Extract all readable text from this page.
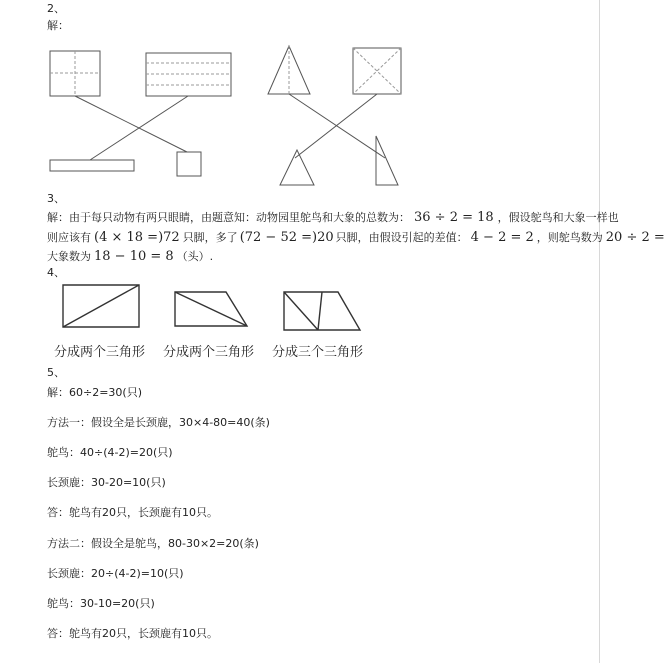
2、
解：
3、
解：由于每只动物有两只眼睛，由题意知：动物园里鸵鸟和大象的总数为： 36 ÷ 2 = 18 ，假设鸵鸟和大象一样也
则应该有 (4 × 18 =)72 只脚，多了 (72 − 52 =)20 只脚，由假设引起的差值： 4 − 2 = 2 ，则鸵鸟数为 20 ÷ 2 =
大象数为 18 − 10 = 8 （头）.
4、
分成两个三角形 分成两个三角形 分成三个三角形
5、
解：60÷2=30(只)
方法一：假设全是长颈鹿，30×4-80=40(条)
鸵鸟：40÷(4-2)=20(只)
长颈鹿：30-20=10(只)
答：鸵鸟有20只，长颈鹿有10只。
方法二：假设全是鸵鸟，80-30×2=20(条)
长颈鹿：20÷(4-2)=10(只)
鸵鸟：30-10=20(只)
答：鸵鸟有20只，长颈鹿有10只。
